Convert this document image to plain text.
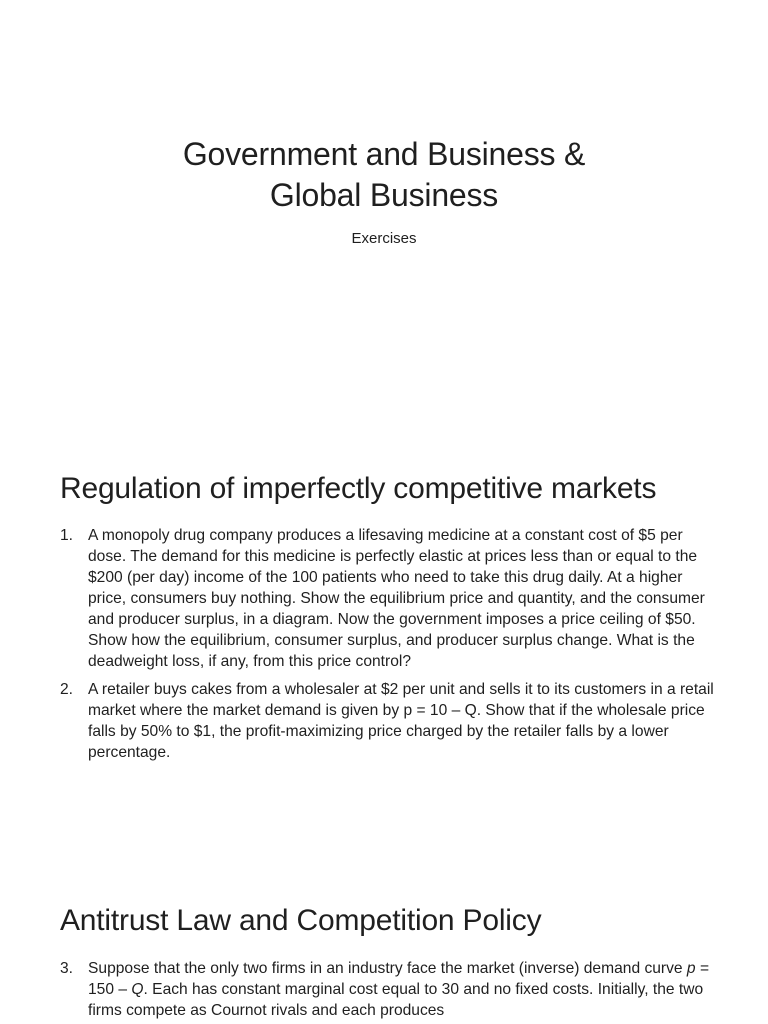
Government and Business &
Global Business
Exercises
Regulation of imperfectly competitive markets
1. A monopoly drug company produces a lifesaving medicine at a constant cost of $5 per dose. The demand for this medicine is perfectly elastic at prices less than or equal to the $200 (per day) income of the 100 patients who need to take this drug daily. At a higher price, consumers buy nothing. Show the equilibrium price and quantity, and the consumer and producer surplus, in a diagram. Now the government imposes a price ceiling of $50. Show how the equilibrium, consumer surplus, and producer surplus change. What is the deadweight loss, if any, from this price control?
2. A retailer buys cakes from a wholesaler at $2 per unit and sells it to its customers in a retail market where the market demand is given by p = 10 – Q. Show that if the wholesale price falls by 50% to $1, the profit-maximizing price charged by the retailer falls by a lower percentage.
Antitrust Law and Competition Policy
3. Suppose that the only two firms in an industry face the market (inverse) demand curve p = 150 – Q. Each has constant marginal cost equal to 30 and no fixed costs. Initially, the two firms compete as Cournot rivals and each produces
